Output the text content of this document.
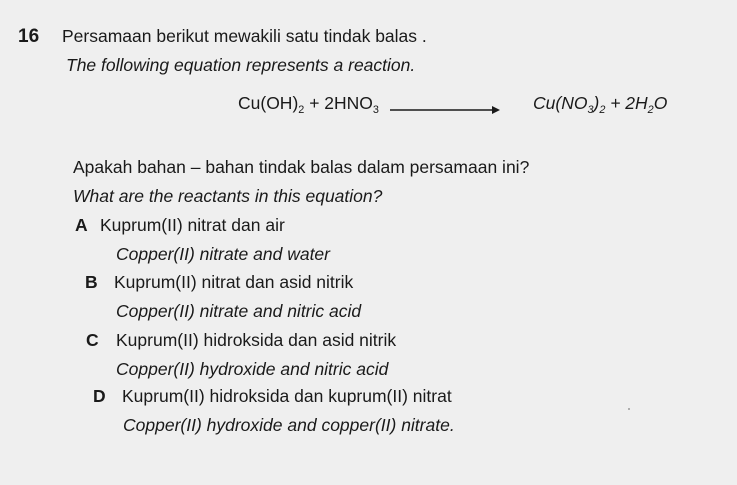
16 Persamaan berikut mewakili satu tindak balas .
The following equation represents a reaction.
$Cu(OH)_2 + 2HNO_3$	$Cu(NO_3)_2 + 2H_2O$
Apakah bahan – bahan tindak balas dalam persamaan ini?
What are the reactants in this equation?
A Kuprum(II) nitrat dan air
Copper(II) nitrate and water
B Kuprum(II) nitrat dan asid nitrik
Copper(II) nitrate and nitric acid
C Kuprum(II) hidroksida dan asid nitrik
Copper(II) hydroxide and nitric acid
D Kuprum(II) hidroksida dan kuprum(II) nitrat
Copper(II) hydroxide and copper(II) nitrate.
